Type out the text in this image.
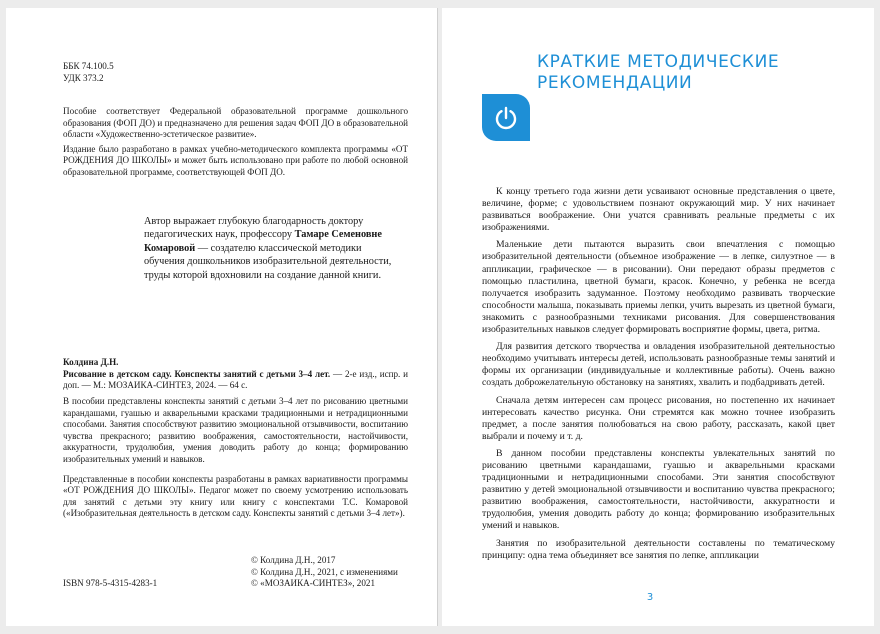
ББК 74.100.5
УДК 373.2

Пособие соответствует Федеральной образовательной программе дошкольного образования (ФОП ДО) и предназначено для решения задач ФОП ДО в образовательной области «Художественно-эстетическое развитие».

Издание было разработано в рамках учебно-методического комплекта программы «ОТ РОЖДЕНИЯ ДО ШКОЛЫ» и может быть использовано при работе по любой основной образовательной программе, соответствующей ФОП ДО.

Автор выражает глубокую благодарность доктору педагогических наук, профессору Тамаре Семеновне Комаровой — создателю классической методики обучения дошкольников изобразительной деятельности, труды которой вдохновили на создание данной книги.
Колдина Д.Н.
Рисование в детском саду. Конспекты занятий с детьми 3–4 лет. — 2-е изд., испр. и доп. — М.: МОЗАИКА-СИНТЕЗ, 2024. — 64 с.

В пособии представлены конспекты занятий с детьми 3–4 лет по рисованию цветными карандашами, гуашью и акварельными красками традиционными и нетрадиционными способами. Занятия способствуют развитию эмоциональной отзывчивости, воспитанию чувства прекрасного; развитию воображения, самостоятельности, настойчивости, аккуратности, трудолюбия, умения доводить работу до конца; формированию изобразительных умений и навыков.

Представленные в пособии конспекты разработаны в рамках вариативности программы «ОТ РОЖДЕНИЯ ДО ШКОЛЫ». Педагог может по своему усмотрению использовать для занятий с детьми эту книгу или книгу с конспектами Т.С. Комаровой («Изобразительная деятельность в детском саду. Конспекты занятий с детьми 3–4 лет»).

© Колдина Д.Н., 2017
© Колдина Д.Н., 2021, с изменениями
© «МОЗАИКА-СИНТЕЗ», 2021
ISBN 978-5-4315-4283-1
КРАТКИЕ МЕТОДИЧЕСКИЕ
РЕКОМЕНДАЦИИ

К концу третьего года жизни дети усваивают основные представления о цвете, величине, форме; с удовольствием познают окружающий мир. У них начинает развиваться воображение. Они учатся сравнивать реальные предметы с их изображениями.

Маленькие дети пытаются выразить свои впечатления с помощью изобразительной деятельности (объемное изображение — в лепке, силуэтное — в аппликации, графическое — в рисовании). Они передают образы предметов с помощью пластилина, цветной бумаги, красок. Конечно, у ребенка не всегда получается изобразить задуманное. Поэтому необходимо развивать творческие способности малыша, показывать приемы лепки, учить вырезать из цветной бумаги, знакомить с разнообразными техниками рисования. Для совершенствования изобразительных навыков следует формировать восприятие формы, цвета, ритма.

Для развития детского творчества и овладения изобразительной деятельностью необходимо учитывать интересы детей, использовать разнообразные темы занятий и формы их организации (индивидуальные и коллективные работы). Очень важно создать доброжелательную обстановку на занятиях, хвалить и подбадривать детей.

Сначала детям интересен сам процесс рисования, но постепенно их начинает интересовать качество рисунка. Они стремятся как можно точнее изобразить предмет, а после занятия полюбоваться на свою работу, рассказать, какой цвет выбрали и почему и т. д.

В данном пособии представлены конспекты увлекательных занятий по рисованию цветными карандашами, гуашью и акварельными красками традиционными и нетрадиционными способами. Эти занятия способствуют развитию у детей эмоциональной отзывчивости и воспитанию чувства прекрасного; развитию воображения, самостоятельности, настойчивости, аккуратности и трудолюбия, умения доводить работу до конца; формированию изобразительных умений и навыков.

Занятия по изобразительной деятельности составлены по тематическому принципу: одна тема объединяет все занятия по лепке, аппликации

3
